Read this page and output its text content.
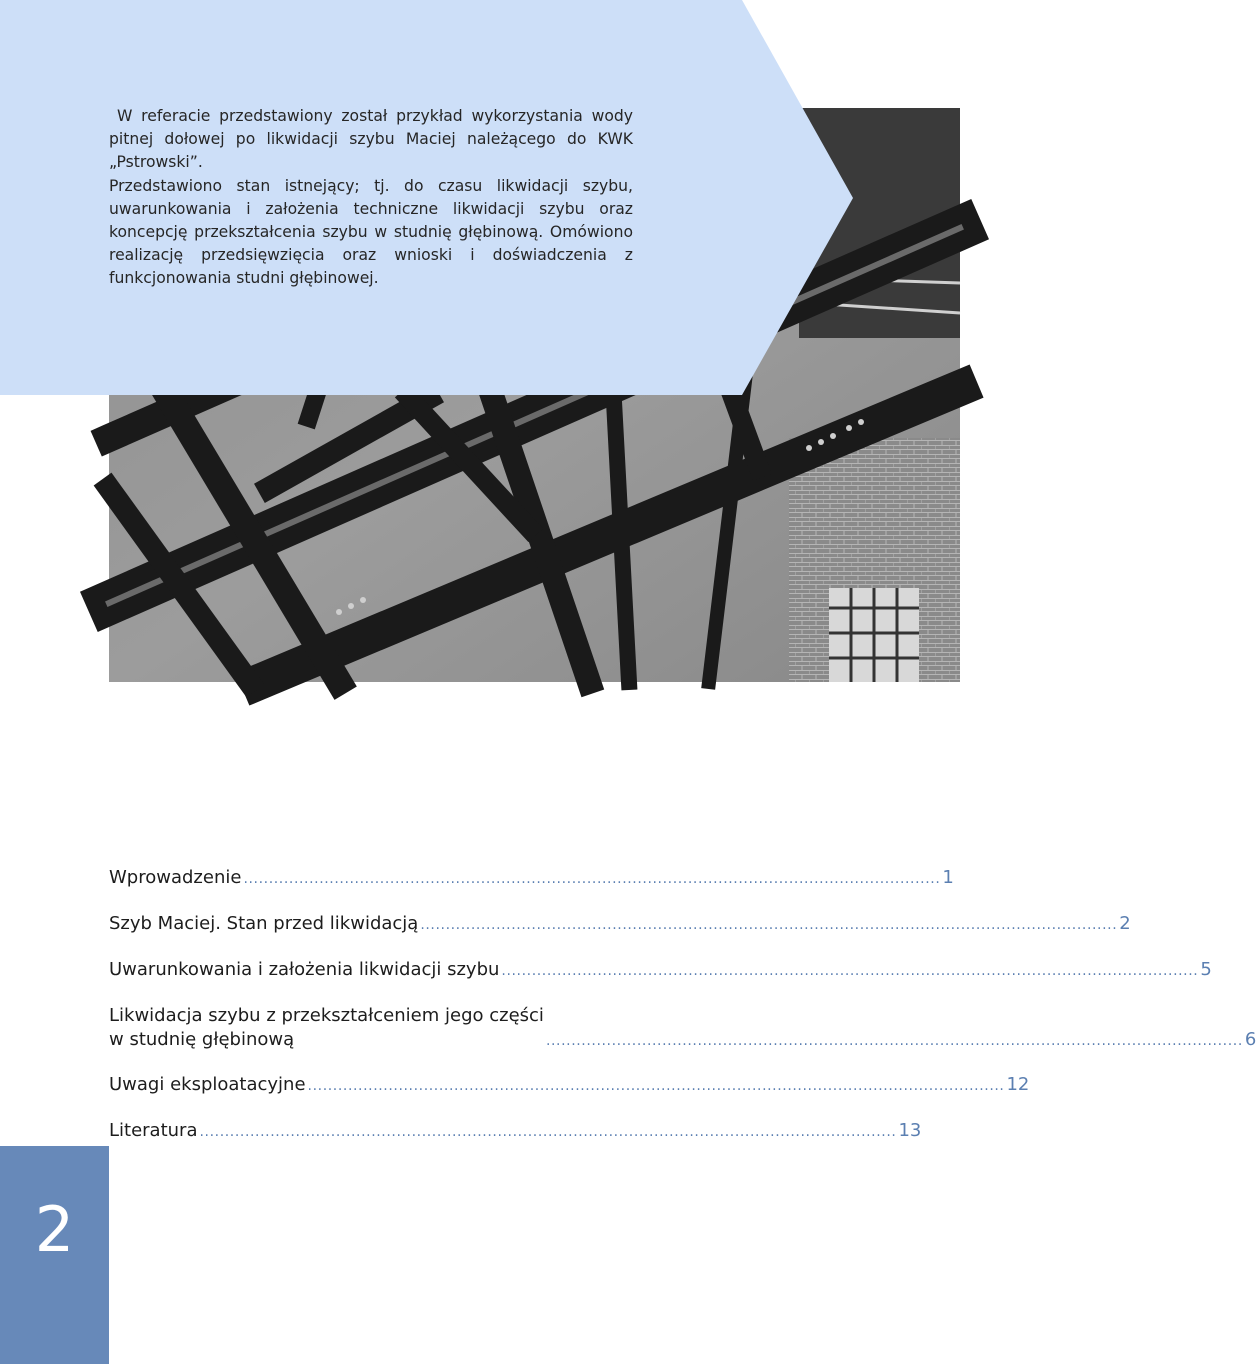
W referacie przedstawiony został przykład wykorzystania wody pitnej dołowej po likwidacji szybu Maciej należącego do KWK „Pstrowski”.

Przedstawiono stan istnejący; tj. do czasu likwidacji szybu, uwarunkowania i założenia techniczne likwidacji szybu oraz koncepcję przekształcenia szybu w studnię głębinową. Omówiono realizację przedsięwzięcia oraz wnioski i doświadczenia z funkcjonowania studni głębinowej.

Wprowadzenie .......................................................................................................................................... 1
Szyb Maciej. Stan przed likwidacją .......................................................................................................................................... 2
Uwarunkowania i założenia likwidacji szybu .......................................................................................................................................... 5
Likwidacja szybu z przekształceniem jego części
w studnię głębinową	.......................................................................................................................................... 6
Uwagi eksploatacyjne .......................................................................................................................................... 12
Literatura .......................................................................................................................................... 13
2
